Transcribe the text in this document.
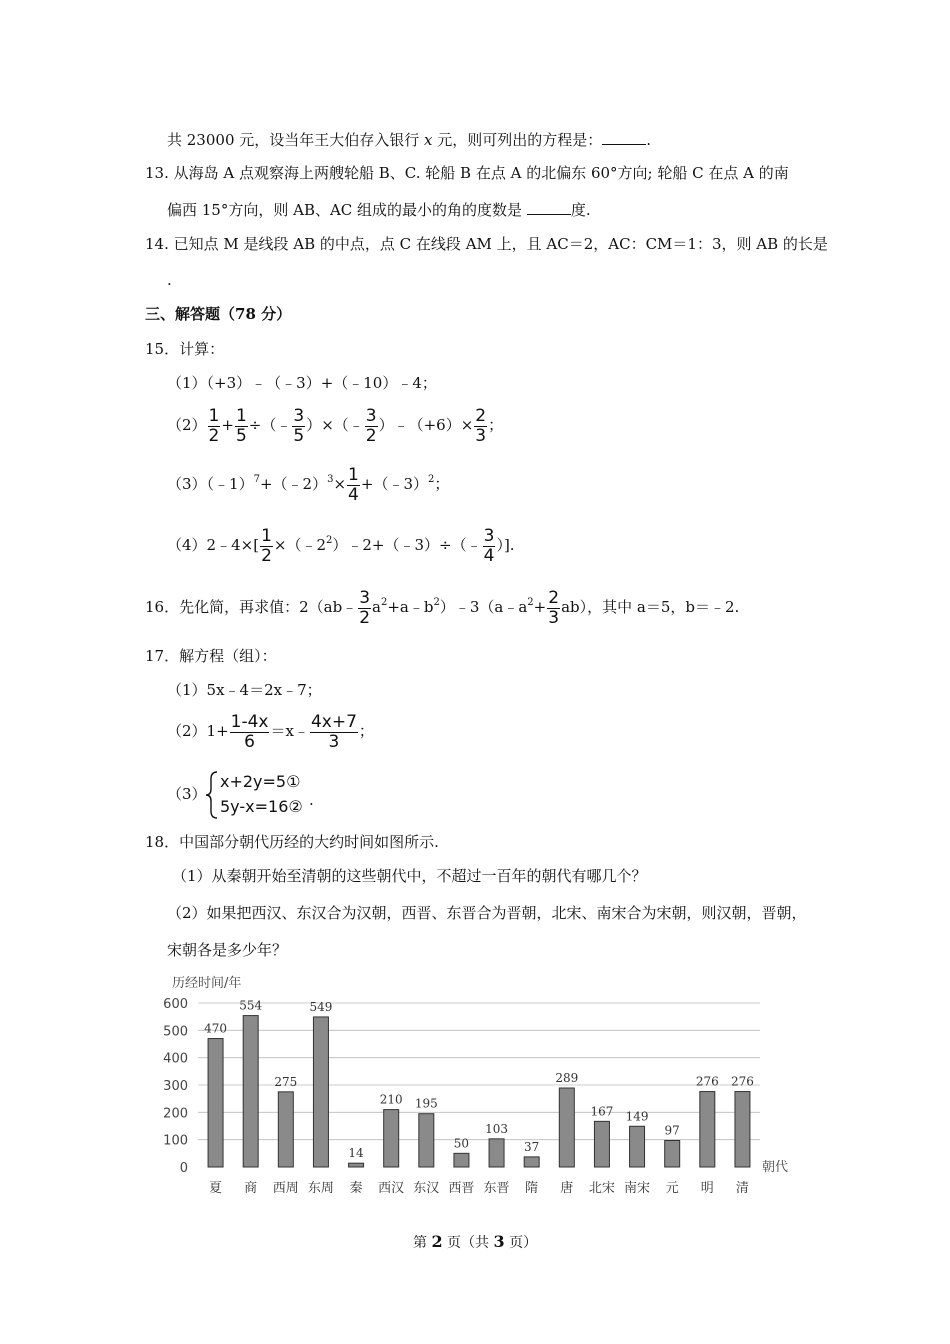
共 23000 元，设当年王大伯存入银行 x 元，则可列出的方程是：	.
13. 从海岛 A 点观察海上两艘轮船 B、C. 轮船 B 在点 A 的北偏东 60°方向; 轮船 C 在点 A 的南
偏西 15°方向，则 AB、AC 组成的最小的角的度数是	度.
14. 已知点 M 是线段 AB 的中点，点 C 在线段 AM 上，且 AC＝2，AC：CM＝1：3，则 AB 的长是
.
三、解答题（78 分）
15．计算：
（1）（+3）﹣（﹣3）+（﹣10）﹣4；
$(2) \frac{1}{2} + \frac{1}{5}$ ÷（﹣ $\frac{3}{5}$ ）×（﹣ $\frac{3}{2}$ ）﹣（+6）× $\frac{2}{3}$ ；
（3）（﹣1）$^7$+（﹣2）$^3$× $\frac{1}{4}$ +（﹣3）$^2$；
（4）2﹣4×[ $\frac{1}{2}$ $\times(﹣2^2)﹣2+(﹣3)\div(﹣ \frac{3}{4}$ ）].
16．先化简，再求值：2（ab﹣ $\frac{3}{2}$ $a^2+a﹣b^2)﹣3(a﹣a^2+ \frac{2}{3} ab)$，其中 a＝5，b＝﹣2.
17．解方程（组）：
（1）5x﹣4＝2x﹣7；
$(2)1+ \frac{1-4x}{6}$ ＝x﹣ $\frac{4x+7}{3}$ ；
（3）
x+2y=5①
5y-x=16② .
18．中国部分朝代历经的大约时间如图所示.
（1）从秦朝开始至清朝的这些朝代中，不超过一百年的朝代有哪几个？
（2）如果把西汉、东汉合为汉朝，西晋、东晋合为晋朝，北宋、南宋合为宋朝，则汉朝，晋朝，
宋朝各是多少年？
历经时间/年
朝代
0
100
200
300
400
500
600
470
554
275
549
14
210 195
50
103
37
289
167 149
97
276 276
夏 商 西周 东周 秦 西汉 东汉 西晋 东晋 隋 唐 北宋 南宋 元 明 清
第 2 页（共 3 页）
